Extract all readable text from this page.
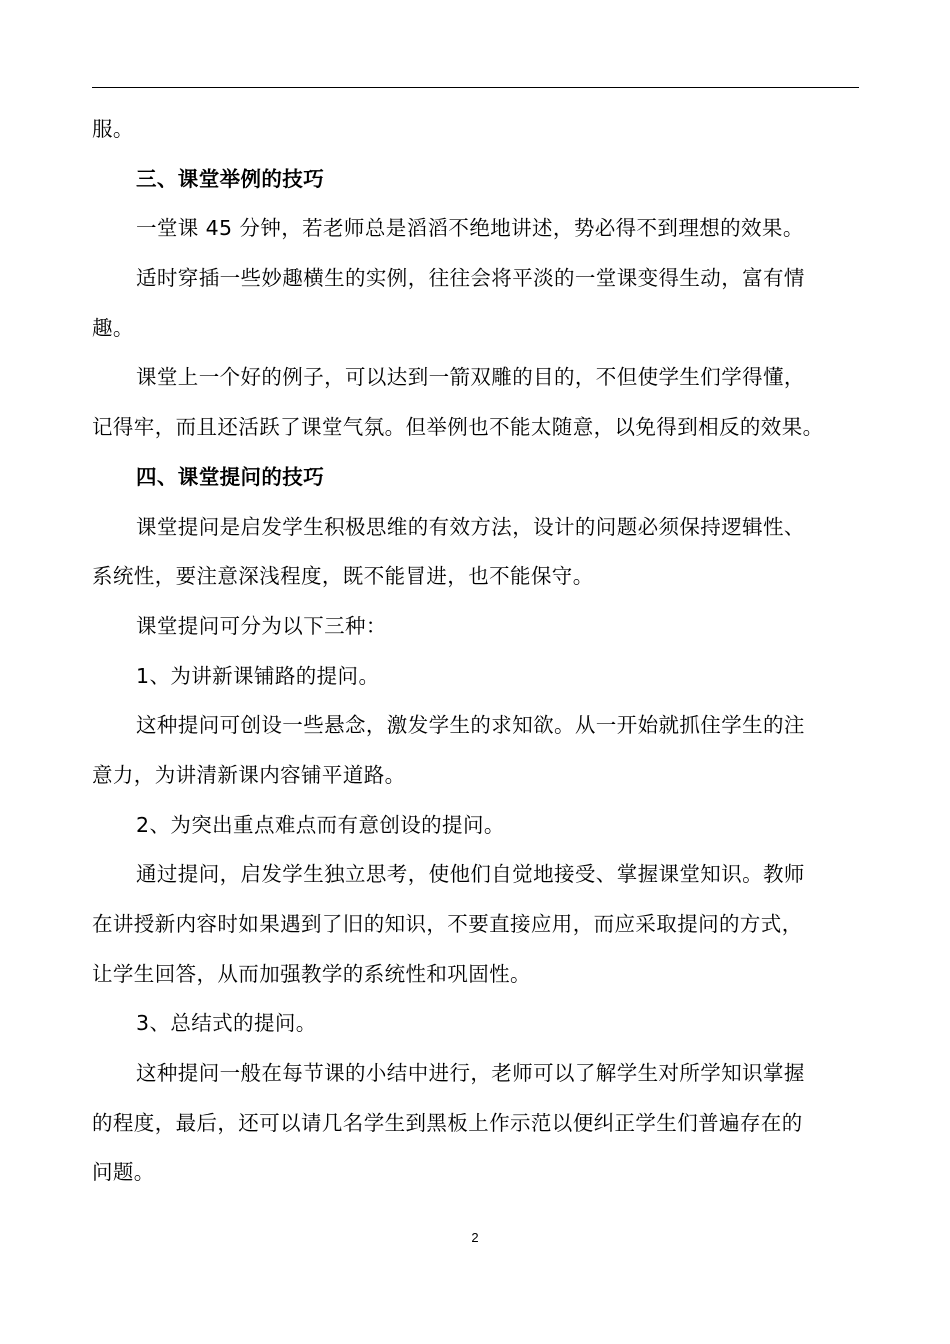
服。
三、课堂举例的技巧
一堂课 45 分钟，若老师总是滔滔不绝地讲述，势必得不到理想的效果。
适时穿插一些妙趣横生的实例，往往会将平淡的一堂课变得生动，富有情
趣。
课堂上一个好的例子，可以达到一箭双雕的目的，不但使学生们学得懂，
记得牢，而且还活跃了课堂气氛。但举例也不能太随意，以免得到相反的效果。
四、课堂提问的技巧
课堂提问是启发学生积极思维的有效方法，设计的问题必须保持逻辑性、
系统性，要注意深浅程度，既不能冒进，也不能保守。
课堂提问可分为以下三种：
1、为讲新课铺路的提问。
这种提问可创设一些悬念，激发学生的求知欲。从一开始就抓住学生的注
意力，为讲清新课内容铺平道路。
2、为突出重点难点而有意创设的提问。
通过提问，启发学生独立思考，使他们自觉地接受、掌握课堂知识。教师
在讲授新内容时如果遇到了旧的知识，不要直接应用，而应采取提问的方式，
让学生回答，从而加强教学的系统性和巩固性。
3、总结式的提问。
这种提问一般在每节课的小结中进行，老师可以了解学生对所学知识掌握
的程度，最后，还可以请几名学生到黑板上作示范以便纠正学生们普遍存在的
问题。
2
